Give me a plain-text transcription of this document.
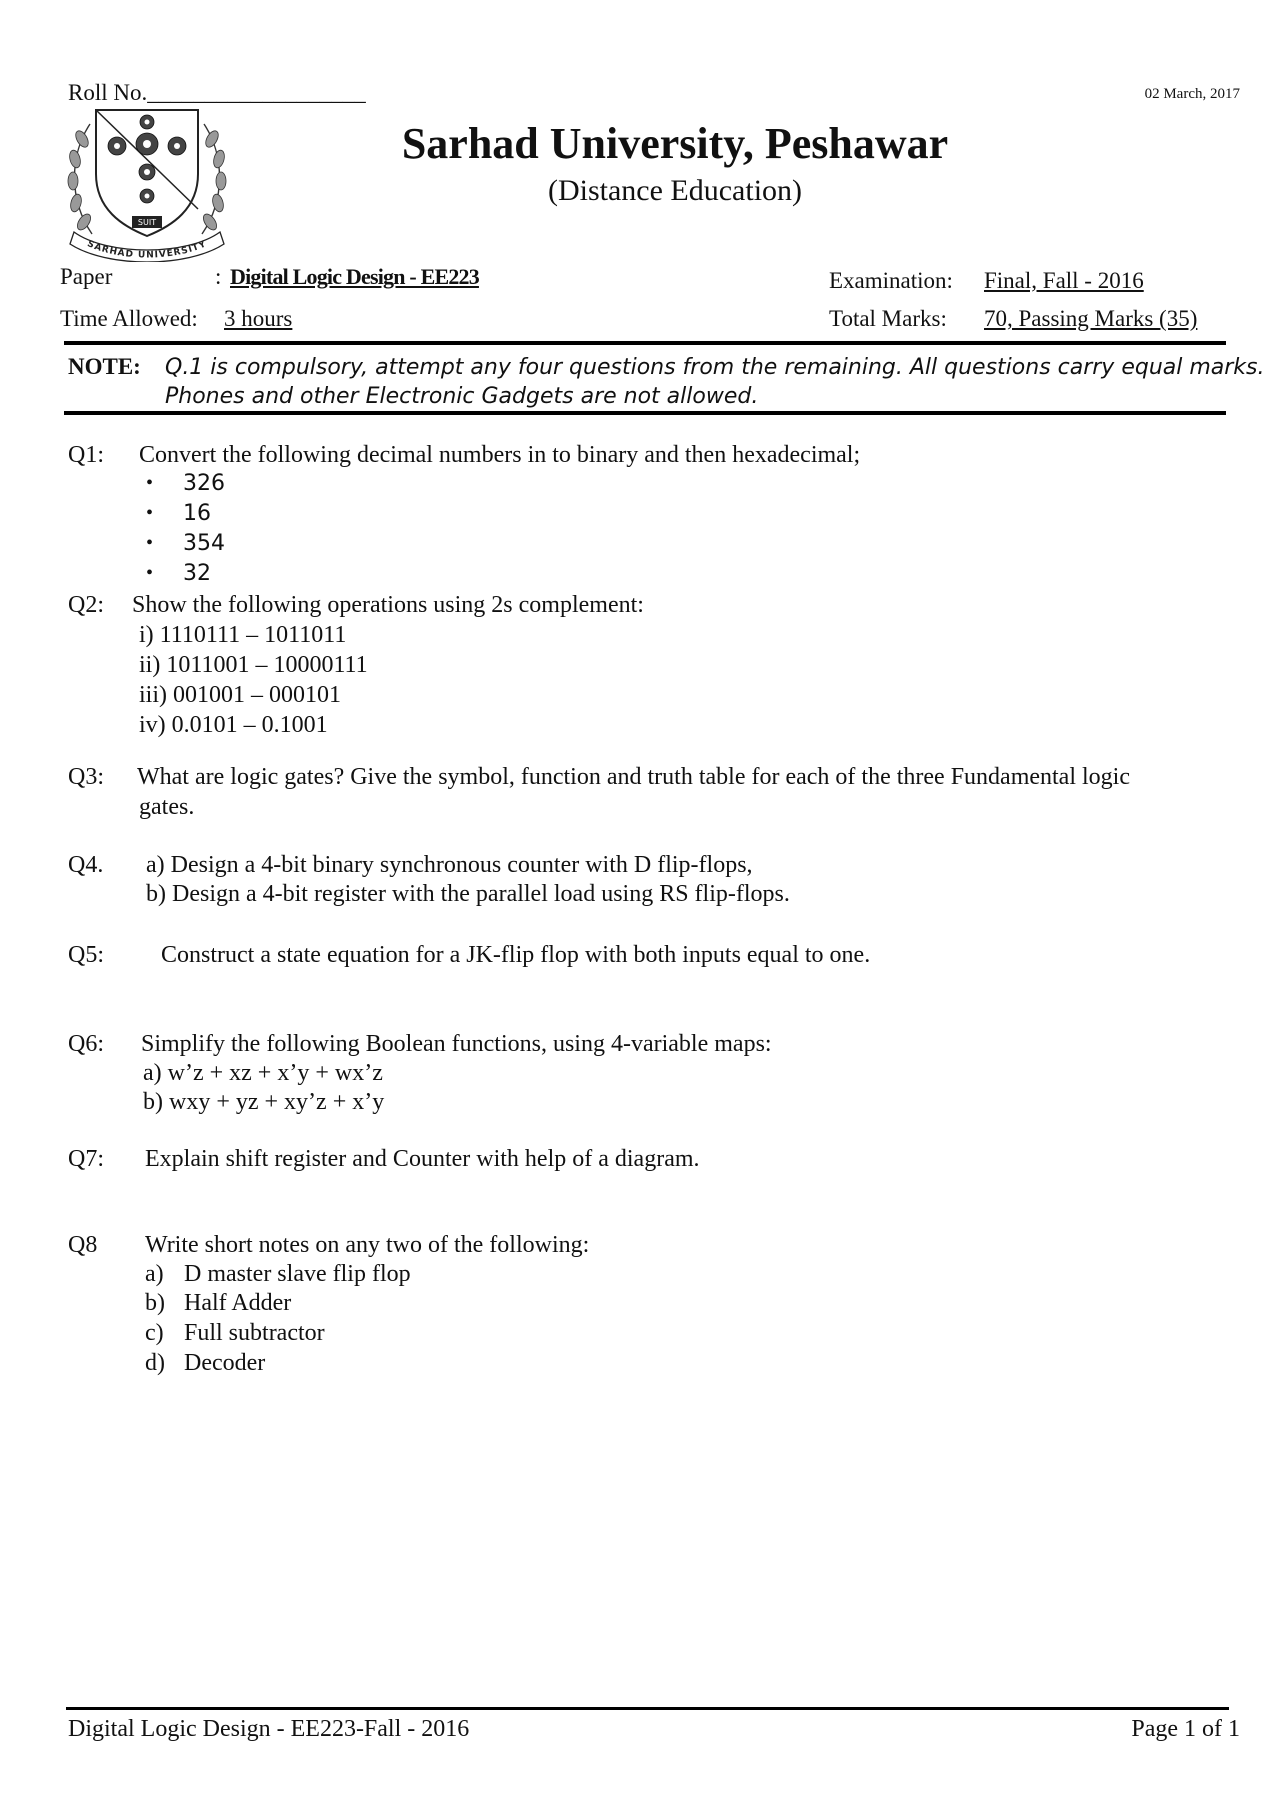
Roll No.___________________	02 March, 2017
SUIT
SARHAD UNIVERSITY
Sarhad University, Peshawar
(Distance Education)
Paper	: Digital Logic Design - EE223
Time Allowed: 3 hours
Examination: Final, Fall - 2016
Total Marks: 70, Passing Marks (35)
NOTE: Q.1 is compulsory, attempt any four questions from the remaining. All questions carry equal marks.
Phones and other Electronic Gadgets are not allowed.
Q1: Convert the following decimal numbers in to binary and then hexadecimal;
• 326
• 16
• 354
• 32
Q2: Show the following operations using 2s complement:
i) 1110111 – 1011011
ii) 1011001 – 10000111
iii) 001001 – 000101
iv) 0.0101 – 0.1001
Q3: What are logic gates? Give the symbol, function and truth table for each of the three Fundamental logic
gates.
Q4. a) Design a 4-bit binary synchronous counter with D flip-flops,
b) Design a 4-bit register with the parallel load using RS flip-flops.
Q5: Construct a state equation for a JK-flip flop with both inputs equal to one.
Q6: Simplify the following Boolean functions, using 4-variable maps:
a) w’z + xz + x’y + wx’z
b) wxy + yz + xy’z + x’y
Q7: Explain shift register and Counter with help of a diagram.
Q8 Write short notes on any two of the following:
a) D master slave flip flop
b) Half Adder
c) Full subtractor
d) Decoder
Digital Logic Design - EE223-Fall - 2016	Page 1 of 1
